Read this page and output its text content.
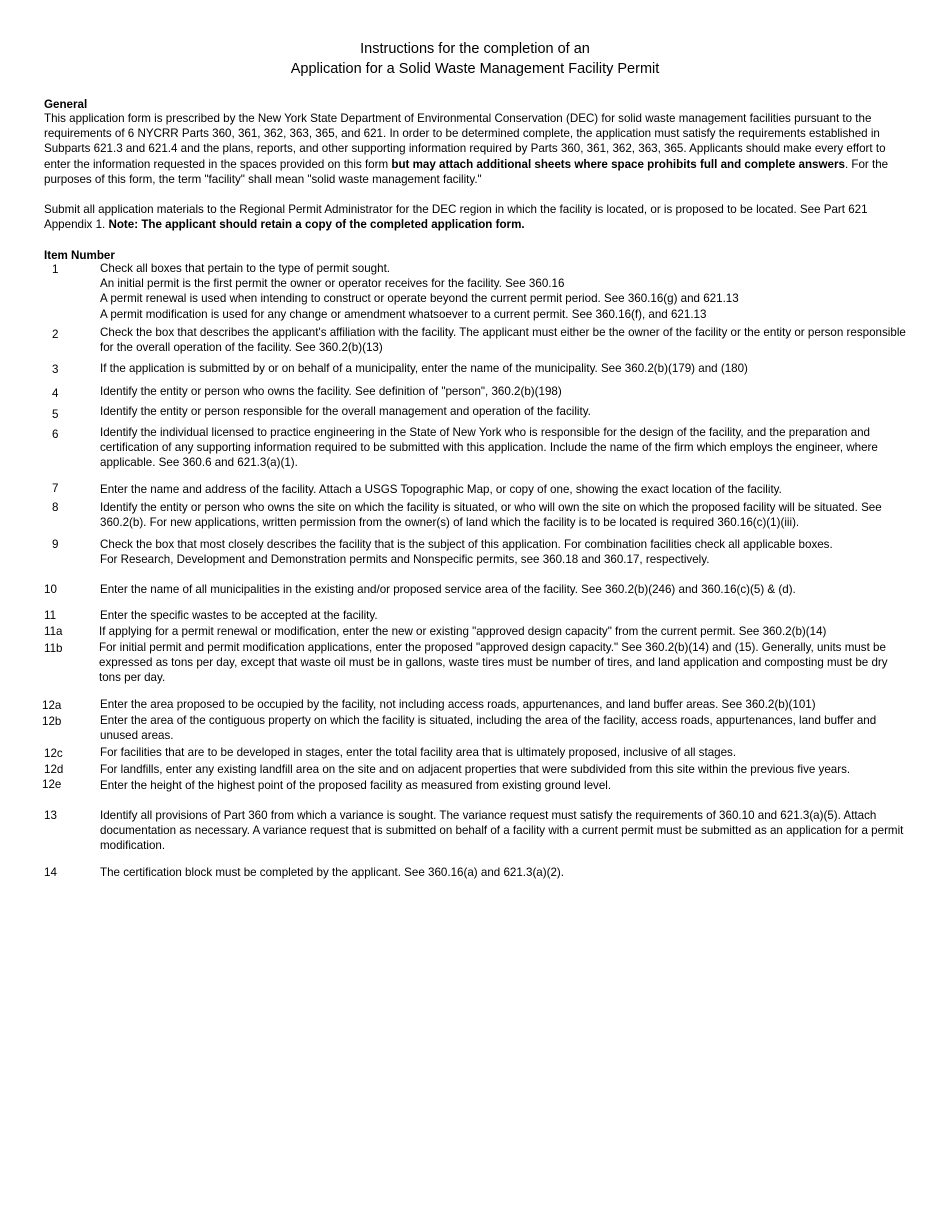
Instructions for the completion of an
Application for a Solid Waste Management Facility Permit
General
This application form is prescribed by the New York State Department of Environmental Conservation (DEC) for solid waste management facilities pursuant to the requirements of 6 NYCRR Parts 360, 361, 362, 363, 365, and 621. In order to be determined complete, the application must satisfy the requirements established in Subparts 621.3 and 621.4 and the plans, reports, and other supporting information required by Parts 360, 361, 362, 363, 365. Applicants should make every effort to enter the information requested in the spaces provided on this form but may attach additional sheets where space prohibits full and complete answers. For the purposes of this form, the term "facility" shall mean "solid waste management facility."
Submit all application materials to the Regional Permit Administrator for the DEC region in which the facility is located, or is proposed to be located. See Part 621 Appendix 1. Note: The applicant should retain a copy of the completed application form.
Item Number
1	Check all boxes that pertain to the type of permit sought.
An initial permit is the first permit the owner or operator receives for the facility. See 360.16
A permit renewal is used when intending to construct or operate beyond the current permit period. See 360.16(g) and 621.13
A permit modification is used for any change or amendment whatsoever to a current permit. See 360.16(f), and 621.13
2	Check the box that describes the applicant's affiliation with the facility. The applicant must either be the owner of the facility or the entity or person responsible for the overall operation of the facility. See 360.2(b)(13)
3	If the application is submitted by or on behalf of a municipality, enter the name of the municipality. See 360.2(b)(179) and (180)
4	Identify the entity or person who owns the facility. See definition of "person", 360.2(b)(198)
5	Identify the entity or person responsible for the overall management and operation of the facility.
6	Identify the individual licensed to practice engineering in the State of New York who is responsible for the design of the facility, and the preparation and certification of any supporting information required to be submitted with this application. Include the name of the firm which employs the engineer, where applicable. See 360.6 and 621.3(a)(1).
7	Enter the name and address of the facility. Attach a USGS Topographic Map, or copy of one, showing the exact location of the facility.
8	Identify the entity or person who owns the site on which the facility is situated, or who will own the site on which the proposed facility will be situated. See 360.2(b). For new applications, written permission from the owner(s) of land which the facility is to be located is required 360.16(c)(1)(iii).
9	Check the box that most closely describes the facility that is the subject of this application. For combination facilities check all applicable boxes.
For Research, Development and Demonstration permits and Nonspecific permits, see 360.18 and 360.17, respectively.
10	Enter the name of all municipalities in the existing and/or proposed service area of the facility. See 360.2(b)(246) and 360.16(c)(5) & (d).
11	Enter the specific wastes to be accepted at the facility.
11a	If applying for a permit renewal or modification, enter the new or existing "approved design capacity" from the current permit. See 360.2(b)(14)
11b	For initial permit and permit modification applications, enter the proposed "approved design capacity." See 360.2(b)(14) and (15). Generally, units must be expressed as tons per day, except that waste oil must be in gallons, waste tires must be number of tires, and land application and composting must be dry tons per day.
12a	Enter the area proposed to be occupied by the facility, not including access roads, appurtenances, and land buffer areas. See 360.2(b)(101)
12b	Enter the area of the contiguous property on which the facility is situated, including the area of the facility, access roads, appurtenances, land buffer and unused areas.
12c	For facilities that are to be developed in stages, enter the total facility area that is ultimately proposed, inclusive of all stages.
12d	For landfills, enter any existing landfill area on the site and on adjacent properties that were subdivided from this site within the previous five years.
12e	Enter the height of the highest point of the proposed facility as measured from existing ground level.
13	Identify all provisions of Part 360 from which a variance is sought. The variance request must satisfy the requirements of 360.10 and 621.3(a)(5). Attach documentation as necessary. A variance request that is submitted on behalf of a facility with a current permit must be submitted as an application for a permit modification.
14	The certification block must be completed by the applicant. See 360.16(a) and 621.3(a)(2).
